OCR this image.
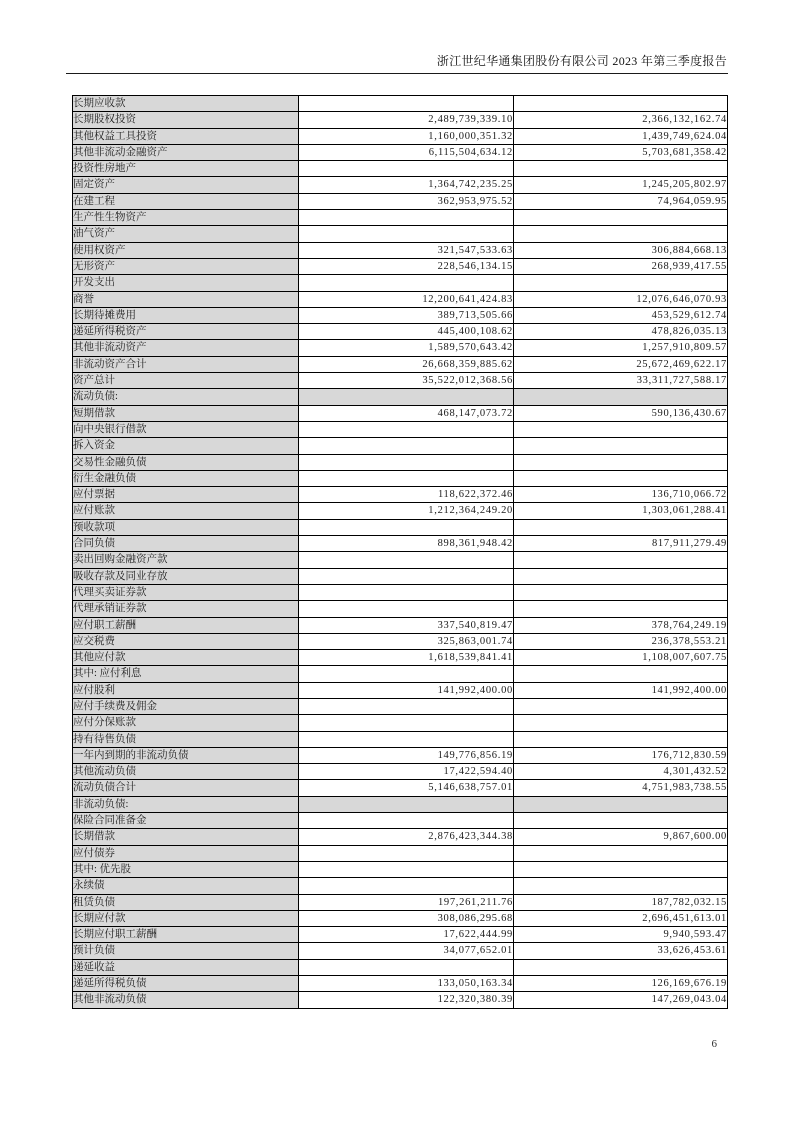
浙江世纪华通集团股份有限公司 2023 年第三季度报告
长期应收款		
长期股权投资	2,489,739,339.10	2,366,132,162.74
其他权益工具投资	1,160,000,351.32	1,439,749,624.04
其他非流动金融资产	6,115,504,634.12	5,703,681,358.42
投资性房地产		
固定资产	1,364,742,235.25	1,245,205,802.97
在建工程	362,953,975.52	74,964,059.95
生产性生物资产		
油气资产		
使用权资产	321,547,533.63	306,884,668.13
无形资产	228,546,134.15	268,939,417.55
开发支出		
商誉	12,200,641,424.83	12,076,646,070.93
长期待摊费用	389,713,505.66	453,529,612.74
递延所得税资产	445,400,108.62	478,826,035.13
其他非流动资产	1,589,570,643.42	1,257,910,809.57
非流动资产合计	26,668,359,885.62	25,672,469,622.17
资产总计	35,522,012,368.56	33,311,727,588.17
流动负债:		
短期借款	468,147,073.72	590,136,430.67
向中央银行借款		
拆入资金		
交易性金融负债		
衍生金融负债		
应付票据	118,622,372.46	136,710,066.72
应付账款	1,212,364,249.20	1,303,061,288.41
预收款项		
合同负债	898,361,948.42	817,911,279.49
卖出回购金融资产款		
吸收存款及同业存放		
代理买卖证券款		
代理承销证券款		
应付职工薪酬	337,540,819.47	378,764,249.19
应交税费	325,863,001.74	236,378,553.21
其他应付款	1,618,539,841.41	1,108,007,607.75
其中: 应付利息		
应付股利	141,992,400.00	141,992,400.00
应付手续费及佣金		
应付分保账款		
持有待售负债		
一年内到期的非流动负债	149,776,856.19	176,712,830.59
其他流动负债	17,422,594.40	4,301,432.52
流动负债合计	5,146,638,757.01	4,751,983,738.55
非流动负债:		
保险合同准备金		
长期借款	2,876,423,344.38	9,867,600.00
应付债券		
其中: 优先股		
永续债		
租赁负债	197,261,211.76	187,782,032.15
长期应付款	308,086,295.68	2,696,451,613.01
长期应付职工薪酬	17,622,444.99	9,940,593.47
预计负债	34,077,652.01	33,626,453.61
递延收益		
递延所得税负债	133,050,163.34	126,169,676.19
其他非流动负债	122,320,380.39	147,269,043.04
6
